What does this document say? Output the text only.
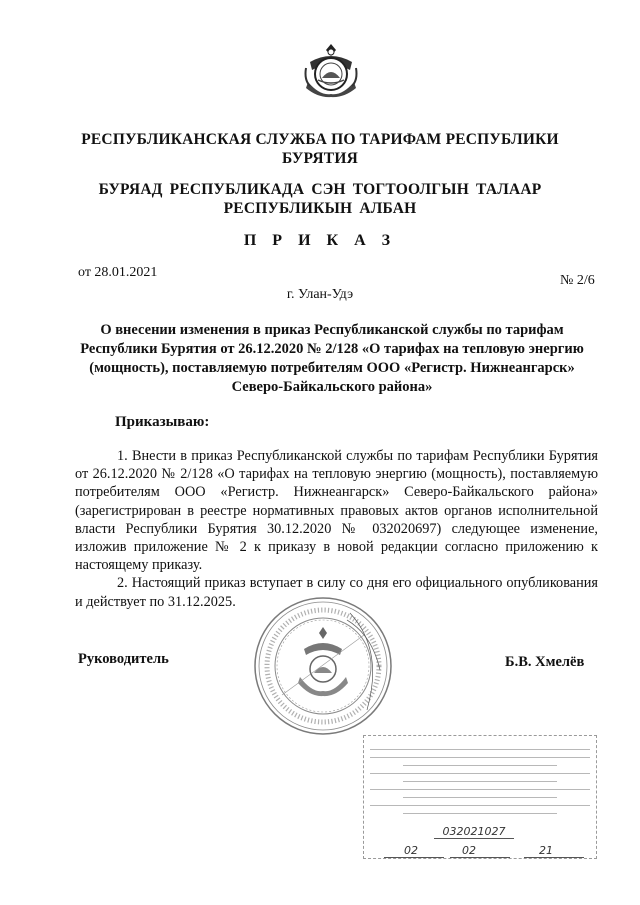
РЕСПУБЛИКАНСКАЯ СЛУЖБА ПО ТАРИФАМ РЕСПУБЛИКИ
БУРЯТИЯ
БУРЯАД РЕСПУБЛИКАДА СЭН ТОГТООЛГЫН ТАЛААР
РЕСПУБЛИКЫН АЛБАН
П Р И К А З
от 28.01.2021
№ 2/6
г. Улан-Удэ
О внесении изменения в приказ Республиканской службы по тарифам
Республики Бурятия от 26.12.2020 № 2/128 «О тарифах на тепловую энергию
(мощность), поставляемую потребителям ООО «Регистр. Нижнеангарск»
Северо-Байкальского района»
Приказываю:

1. Внести в приказ Республиканской службы по тарифам Республики Бурятия от 26.12.2020 № 2/128 «О тарифах на тепловую энергию (мощность), поставляемую потребителям ООО «Регистр. Нижнеангарск» Северо-Байкальского района» (зарегистрирован в реестре нормативных правовых актов органов исполнительной власти Республики Бурятия 30.12.2020 № 032020697) следующее изменение, изложив приложение № 2 к приказу в новой редакции согласно приложению к настоящему приказу.

2. Настоящий приказ вступает в силу со дня его официального опубликования и действует по 31.12.2025.

Руководитель	Б.В. Хмелёв
032021027
02	02	21
